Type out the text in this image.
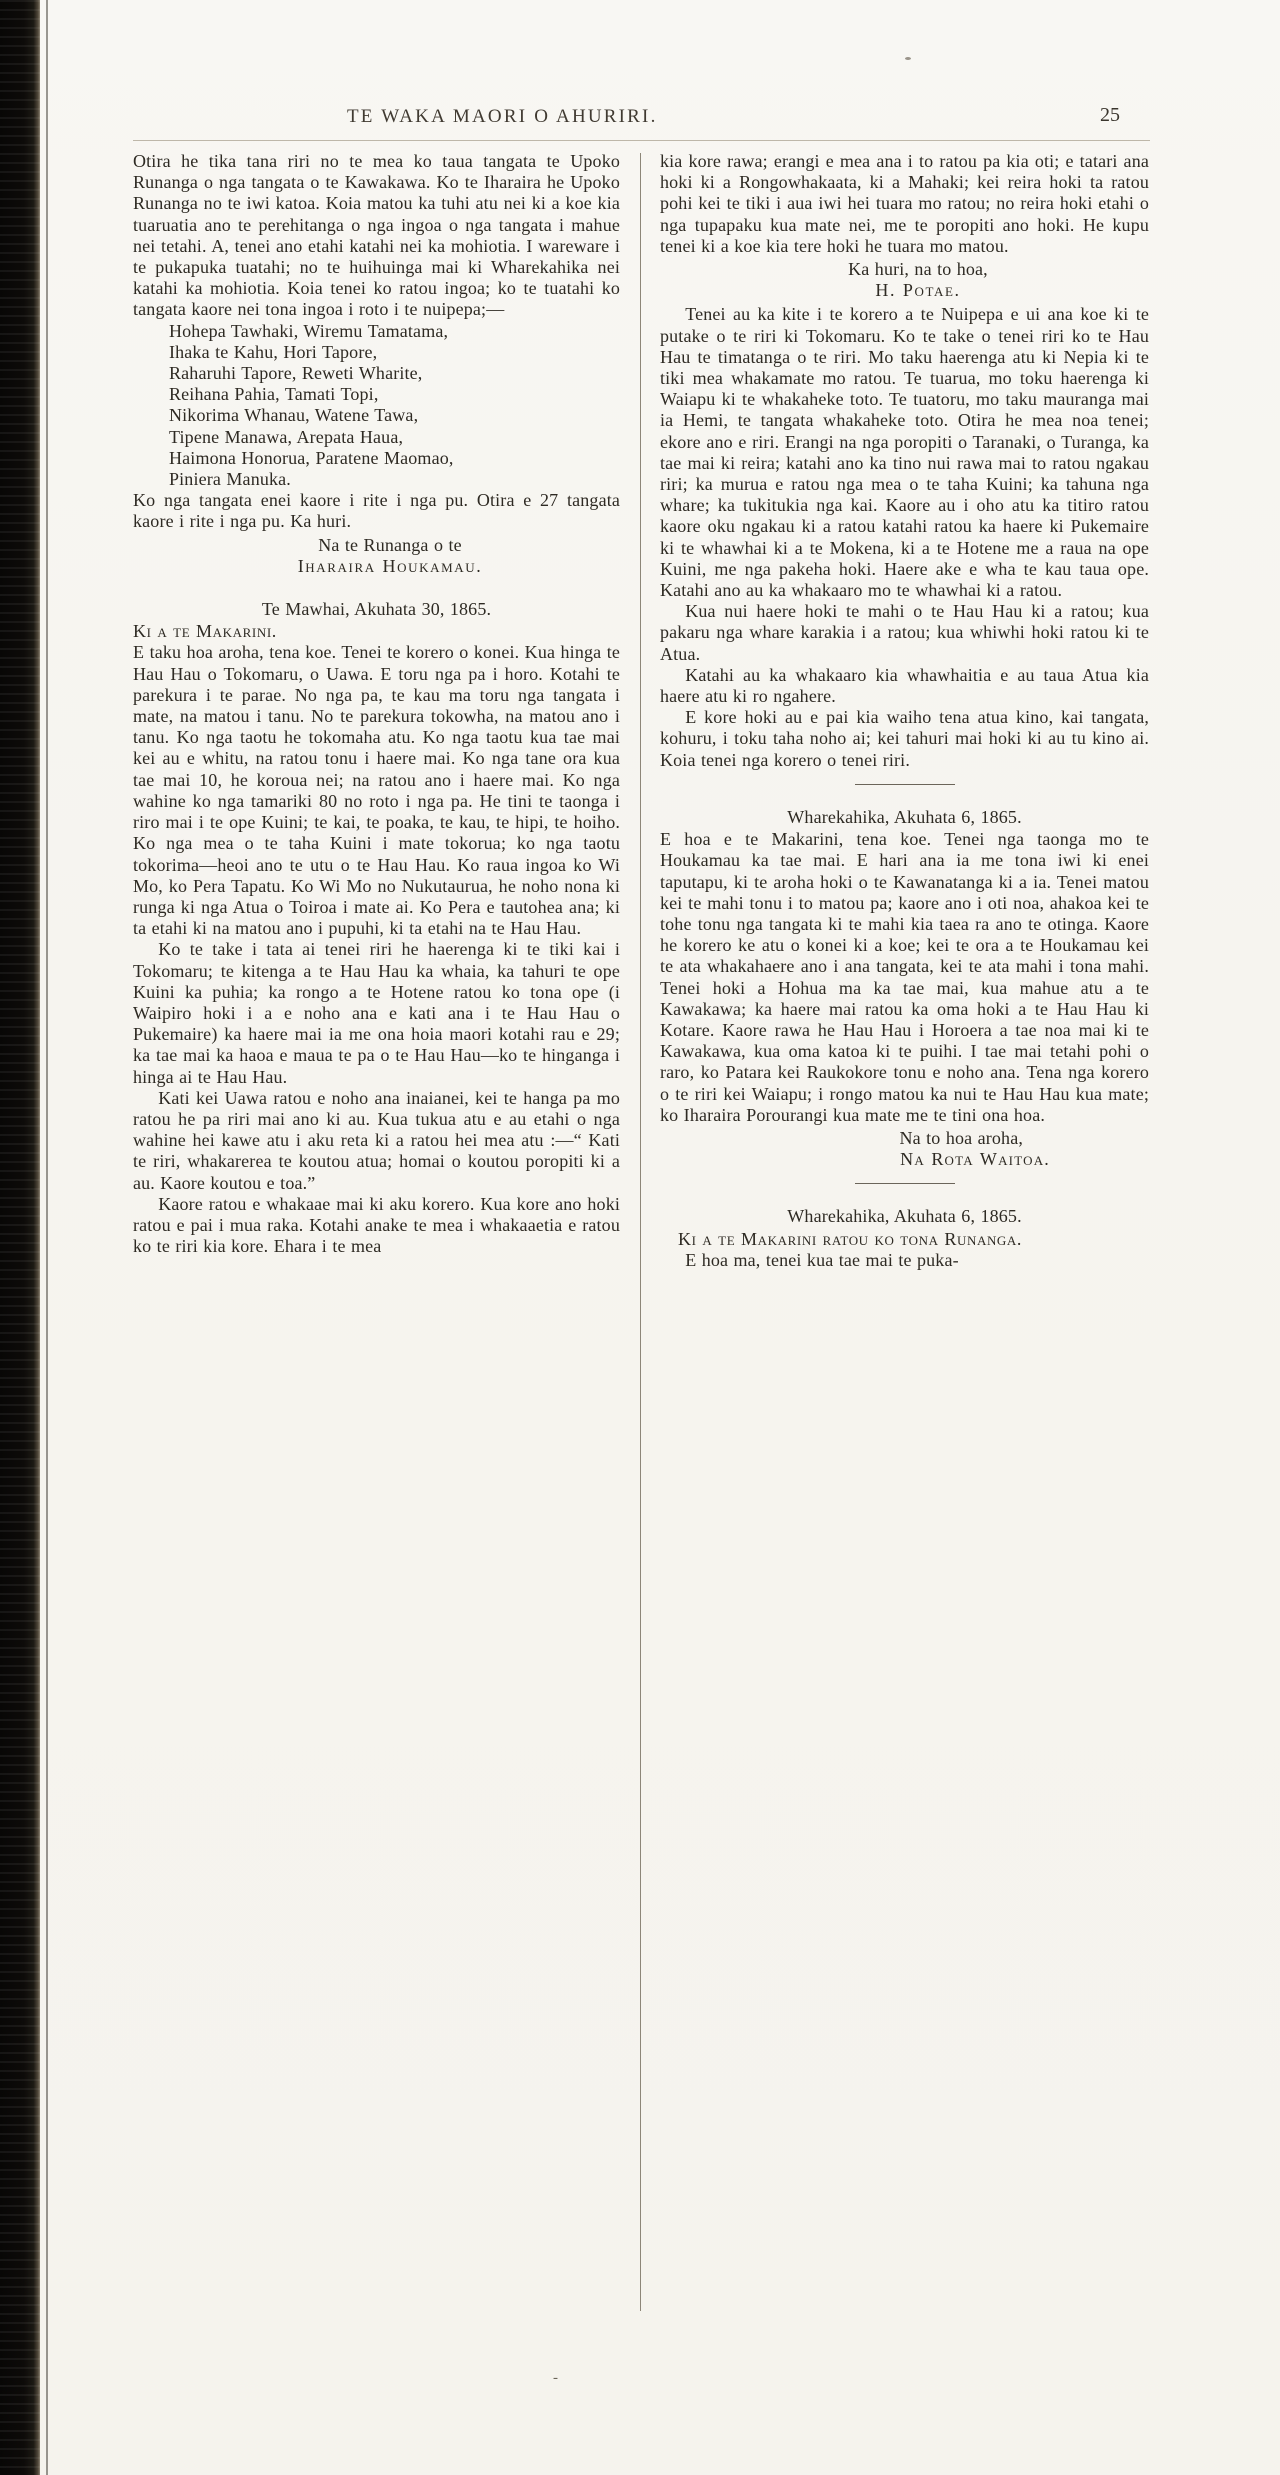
TE WAKA MAORI O AHURIRI.	25

Otira he tika tana riri no te mea ko taua tangata te Upoko Runanga o nga tangata o te Kawakawa. Ko te Iharaira he Upoko Runanga no te iwi katoa. Koia matou ka tuhi atu nei ki a koe kia tuaruatia ano te perehitanga o nga ingoa o nga tangata i mahue nei tetahi. A, tenei ano etahi katahi nei ka mohiotia. I wareware i te pukapuka tuatahi; no te huihuinga mai ki Wharekahika nei katahi ka mohiotia. Koia tenei ko ratou ingoa; ko te tuatahi ko tangata kaore nei tona ingoa i roto i te nuipepa;—

Hohepa Tawhaki, Wiremu Tamatama,
Ihaka te Kahu, Hori Tapore,
Raharuhi Tapore, Reweti Wharite,
Reihana Pahia, Tamati Topi,
Nikorima Whanau, Watene Tawa,
Tipene Manawa, Arepata Haua,
Haimona Honorua, Paratene Maomao,
Piniera Manuka.

Ko nga tangata enei kaore i rite i nga pu. Otira e 27 tangata kaore i rite i nga pu. Ka huri.

Na te Runanga o te

Iharaira Houkamau.

Te Mawhai, Akuhata 30, 1865.

Ki a te Makarini.

E taku hoa aroha, tena koe. Tenei te korero o konei. Kua hinga te Hau Hau o Tokomaru, o Uawa. E toru nga pa i horo. Kotahi te parekura i te parae. No nga pa, te kau ma toru nga tangata i mate, na matou i tanu. No te parekura tokowha, na matou ano i tanu. Ko nga taotu he tokomaha atu. Ko nga taotu kua tae mai kei au e whitu, na ratou tonu i haere mai. Ko nga tane ora kua tae mai 10, he koroua nei; na ratou ano i haere mai. Ko nga wahine ko nga tamariki 80 no roto i nga pa. He tini te taonga i riro mai i te ope Kuini; te kai, te poaka, te kau, te hipi, te hoiho. Ko nga mea o te taha Kuini i mate tokorua; ko nga taotu tokorima—heoi ano te utu o te Hau Hau. Ko raua ingoa ko Wi Mo, ko Pera Tapatu. Ko Wi Mo no Nukutaurua, he noho nona ki runga ki nga Atua o Toiroa i mate ai. Ko Pera e tautohea ana; ki ta etahi ki na matou ano i pupuhi, ki ta etahi na te Hau Hau.

Ko te take i tata ai tenei riri he haerenga ki te tiki kai i Tokomaru; te kitenga a te Hau Hau ka whaia, ka tahuri te ope Kuini ka puhia; ka rongo a te Hotene ratou ko tona ope (i Waipiro hoki i a e noho ana e kati ana i te Hau Hau o Pukemaire) ka haere mai ia me ona hoia maori kotahi rau e 29; ka tae mai ka haoa e maua te pa o te Hau Hau—ko te hinganga i hinga ai te Hau Hau.

Kati kei Uawa ratou e noho ana inaianei, kei te hanga pa mo ratou he pa riri mai ano ki au. Kua tukua atu e au etahi o nga wahine hei kawe atu i aku reta ki a ratou hei mea atu :—“ Kati te riri, whakarerea te koutou atua; homai o koutou poropiti ki a au. Kaore koutou e toa.”

Kaore ratou e whakaae mai ki aku korero. Kua kore ano hoki ratou e pai i mua raka. Kotahi anake te mea i whakaaetia e ratou ko te riri kia kore. Ehara i te mea

kia kore rawa; erangi e mea ana i to ratou pa kia oti; e tatari ana hoki ki a Rongowhakaata, ki a Mahaki; kei reira hoki ta ratou pohi kei te tiki i aua iwi hei tuara mo ratou; no reira hoki etahi o nga tupapaku kua mate nei, me te poropiti ano hoki. He kupu tenei ki a koe kia tere hoki he tuara mo matou.

Ka huri, na to hoa,

H. Potae.

Tenei au ka kite i te korero a te Nuipepa e ui ana koe ki te putake o te riri ki Tokomaru. Ko te take o tenei riri ko te Hau Hau te timatanga o te riri. Mo taku haerenga atu ki Nepia ki te tiki mea whakamate mo ratou. Te tuarua, mo toku haerenga ki Waiapu ki te whakaheke toto. Te tuatoru, mo taku mauranga mai ia Hemi, te tangata whakaheke toto. Otira he mea noa tenei; ekore ano e riri. Erangi na nga poropiti o Taranaki, o Turanga, ka tae mai ki reira; katahi ano ka tino nui rawa mai to ratou ngakau riri; ka murua e ratou nga mea o te taha Kuini; ka tahuna nga whare; ka tukitukia nga kai. Kaore au i oho atu ka titiro ratou kaore oku ngakau ki a ratou katahi ratou ka haere ki Pukemaire ki te whawhai ki a te Mokena, ki a te Hotene me a raua na ope Kuini, me nga pakeha hoki. Haere ake e wha te kau taua ope. Katahi ano au ka whakaaro mo te whawhai ki a ratou.

Kua nui haere hoki te mahi o te Hau Hau ki a ratou; kua pakaru nga whare karakia i a ratou; kua whiwhi hoki ratou ki te Atua.

Katahi au ka whakaaro kia whawhaitia e au taua Atua kia haere atu ki ro ngahere.

E kore hoki au e pai kia waiho tena atua kino, kai tangata, kohuru, i toku taha noho ai; kei tahuri mai hoki ki au tu kino ai. Koia tenei nga korero o tenei riri.

Wharekahika, Akuhata 6, 1865.

E hoa e te Makarini, tena koe. Tenei nga taonga mo te Houkamau ka tae mai. E hari ana ia me tona iwi ki enei taputapu, ki te aroha hoki o te Kawanatanga ki a ia. Tenei matou kei te mahi tonu i to matou pa; kaore ano i oti noa, ahakoa kei te tohe tonu nga tangata ki te mahi kia taea ra ano te otinga. Kaore he korero ke atu o konei ki a koe; kei te ora a te Houkamau kei te ata whakahaere ano i ana tangata, kei te ata mahi i tona mahi. Tenei hoki a Hohua ma ka tae mai, kua mahue atu a te Kawakawa; ka haere mai ratou ka oma hoki a te Hau Hau ki Kotare. Kaore rawa he Hau Hau i Horoera a tae noa mai ki te Kawakawa, kua oma katoa ki te puihi. I tae mai tetahi pohi o raro, ko Patara kei Raukokore tonu e noho ana. Tena nga korero o te riri kei Waiapu; i rongo matou ka nui te Hau Hau kua mate; ko Iharaira Porourangi kua mate me te tini ona hoa.

Na to hoa aroha,

Na Rota Waitoa.

Wharekahika, Akuhata 6, 1865.

Ki a te Makarini ratou ko tona Runanga.

E hoa ma, tenei kua tae mai te puka-

-
